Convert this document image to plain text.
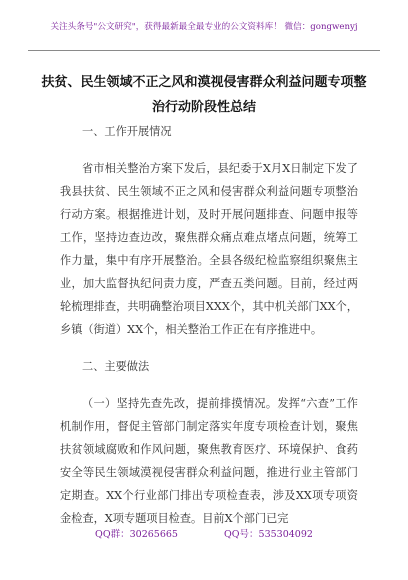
关注头条号"公文研究"，获得最新最全最专业的公文资料库！ 微信：gongwenyj
扶贫、民生领域不正之风和漠视侵害群众利益问题专项整
治行动阶段性总结

一、工作开展情况

省市相关整治方案下发后，县纪委于X月X日制定下发了我县扶贫、民生领域不正之风和侵害群众利益问题专项整治行动方案。根据推进计划，及时开展问题排查、问题申报等工作，坚持边查边改，聚焦群众痛点难点堵点问题，统筹工作力量，集中有序开展整治。全县各级纪检监察组织聚焦主业，加大监督执纪问责力度，严查五类问题。目前，经过两轮梳理排查，共明确整治项目XXX个，其中机关部门XX个，乡镇（街道）XX个，相关整治工作正在有序推进中。

二、主要做法

（一）坚持先查先改，提前排摸情况。发挥“六查”工作机制作用，督促主管部门制定落实年度专项检查计划，聚焦扶贫领域腐败和作风问题，聚焦教育医疗、环境保护、食药安全等民生领域漠视侵害群众利益问题，推进行业主管部门定期查。XX个行业部门排出专项检查表，涉及XX项专项资金检查，X项专题项目检查。目前X个部门已完

QQ群：30265665	QQ号：535304092
